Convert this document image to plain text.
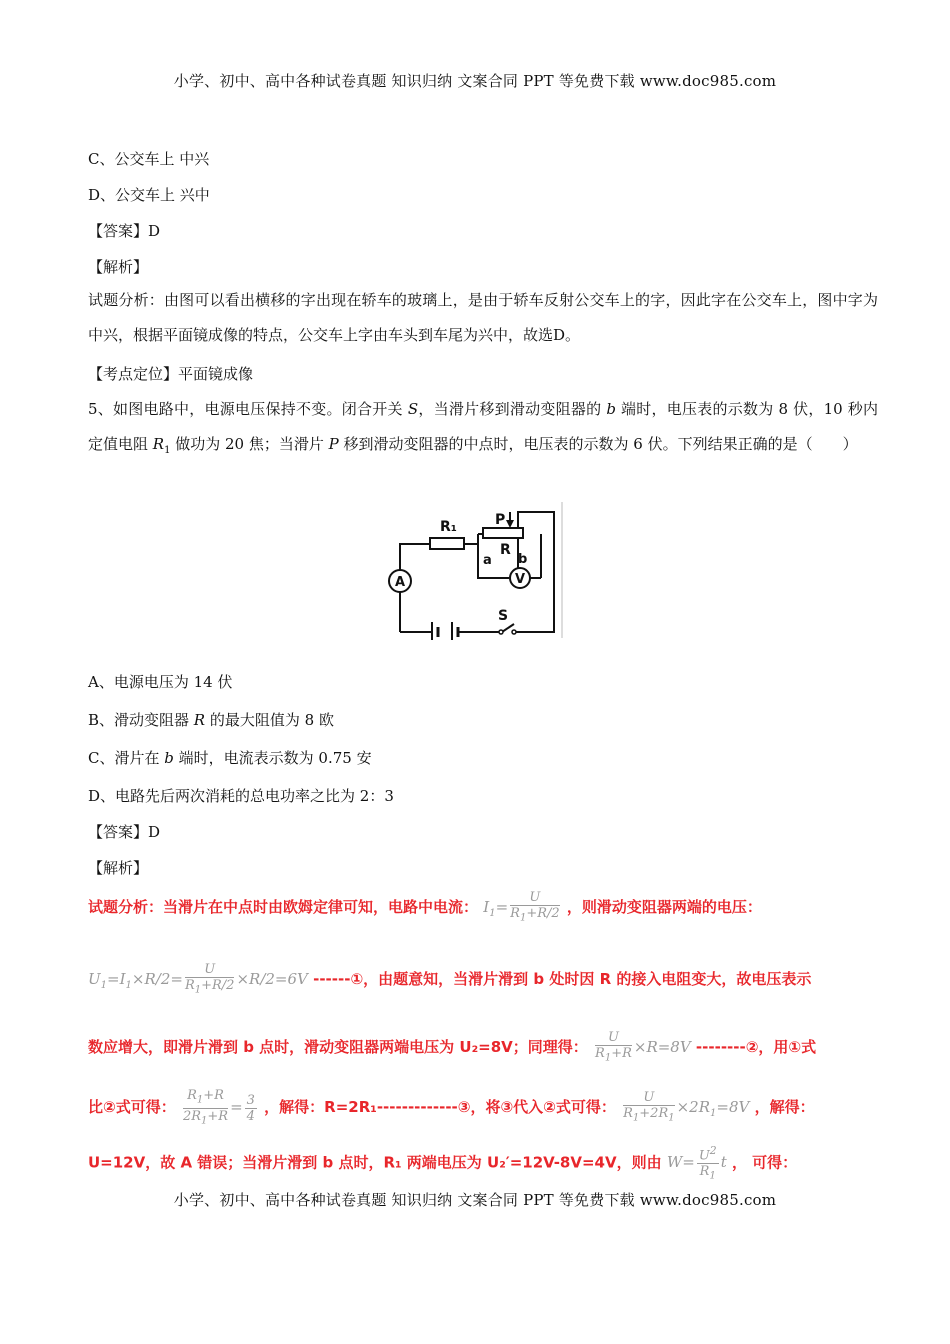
小学、初中、高中各种试卷真题 知识归纳 文案合同 PPT 等免费下载 www.doc985.com
C、公交车上 中兴
D、公交车上 兴中
【答案】D
【解析】
试题分析：由图可以看出横移的字出现在轿车的玻璃上，是由于轿车反射公交车上的字，因此字在公交车上，图中字为中兴，根据平面镜成像的特点，公交车上字由车头到车尾为兴中，故选D。
【考点定位】平面镜成像
5、如图电路中，电源电压保持不变。闭合开关 S，当滑片移到滑动变阻器的 b 端时，电压表的示数为 8 伏，10 秒内定值电阻 $R_1$ 做功为 20 焦；当滑片 P 移到滑动变阻器的中点时，电压表的示数为 6 伏。下列结果正确的是（　　）
R₁	P
a
R
b
V
A
S
A、电源电压为 14 伏
B、滑动变阻器 R 的最大阻值为 8 欧
C、滑片在 b 端时，电流表示数为 0.75 安
D、电路先后两次消耗的总电功率之比为 2：3
【答案】D
【解析】
试题分析：当滑片在中点时由欧姆定律可知，电路中电流： $I_1= \frac{U}{R_1+R/2}$ ，则滑动变阻器两端的电压：
$U_1=I_1\times R/2= \frac{U}{R_1+R/2} \times R/2=6V$ ------①，由题意知，当滑片滑到 b 处时因 R 的接入电阻变大，故电压表示
数应增大，即滑片滑到 b 点时，滑动变阻器两端电压为 U₂=8V；同理得： $\frac{U}{R_1+R} \times R=8V$ --------②，用①式
比②式可得： $\frac{R_1+R}{2R_1+R} = \frac{3}{4}$ ，解得：R=2R₁-------------③，将③代入②式可得： $\frac{U}{R_1+2R_1} \times 2R_1=8V$ ，解得：
U=12V，故 A 错误；当滑片滑到 b 点时，R₁ 两端电压为 U₂′=12V-8V=4V，则由 $W= \frac{U^2}{R_1}$ t ， 可得：
小学、初中、高中各种试卷真题 知识归纳 文案合同 PPT 等免费下载 www.doc985.com
